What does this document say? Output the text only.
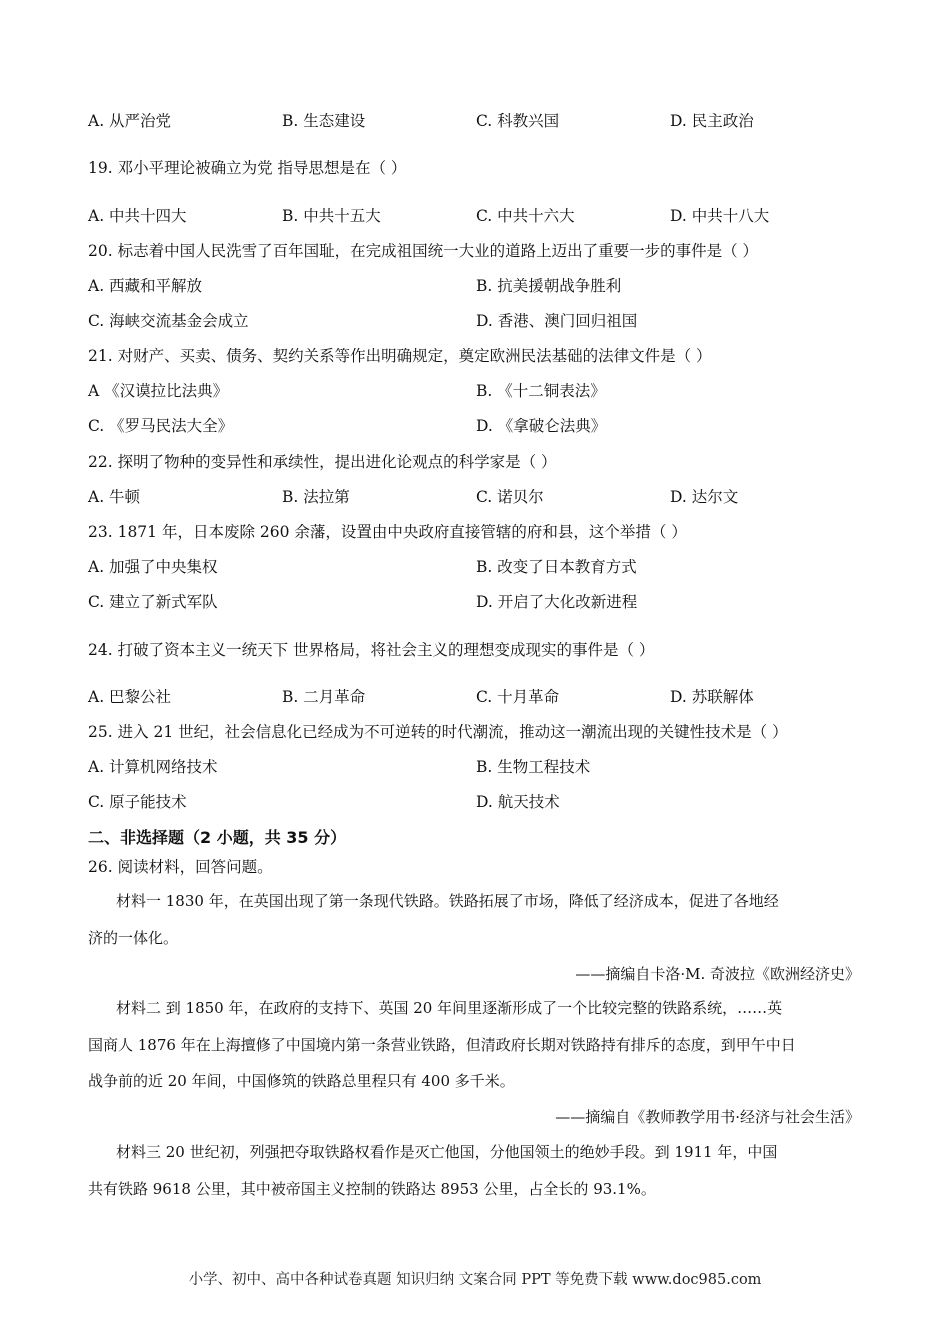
A. 从严治党	B. 生态建设	C. 科教兴国	D. 民主政治
19. 邓小平理论被确立为党 指导思想是在（ ）
A. 中共十四大	B. 中共十五大	C. 中共十六大	D. 中共十八大
20. 标志着中国人民洗雪了百年国耻，在完成祖国统一大业的道路上迈出了重要一步的事件是（ ）
A. 西藏和平解放	B. 抗美援朝战争胜利
C. 海峡交流基金会成立	D. 香港、澳门回归祖国
21. 对财产、买卖、债务、契约关系等作出明确规定，奠定欧洲民法基础的法律文件是（ ）
A 《汉谟拉比法典》	B. 《十二铜表法》
C. 《罗马民法大全》	D. 《拿破仑法典》
22. 探明了物种的变异性和承续性，提出进化论观点的科学家是（ ）
A. 牛顿	B. 法拉第	C. 诺贝尔	D. 达尔文
23. 1871 年，日本废除 260 余藩，设置由中央政府直接管辖的府和县，这个举措（ ）
A. 加强了中央集权	B. 改变了日本教育方式
C. 建立了新式军队	D. 开启了大化改新进程
24. 打破了资本主义一统天下 世界格局，将社会主义的理想变成现实的事件是（ ）
A. 巴黎公社	B. 二月革命	C. 十月革命	D. 苏联解体
25. 进入 21 世纪，社会信息化已经成为不可逆转的时代潮流，推动这一潮流出现的关键性技术是（ ）
A. 计算机网络技术	B. 生物工程技术
C. 原子能技术	D. 航天技术
二、非选择题（2 小题，共 35 分）
26. 阅读材料，回答问题。
材料一 1830 年，在英国出现了第一条现代铁路。铁路拓展了市场，降低了经济成本，促进了各地经
济的一体化。
——摘编自卡洛·M. 奇波拉《欧洲经济史》
材料二 到 1850 年，在政府的支持下、英国 20 年间里逐渐形成了一个比较完整的铁路系统，……英
国商人 1876 年在上海擅修了中国境内第一条营业铁路，但清政府长期对铁路持有排斥的态度，到甲午中日
战争前的近 20 年间，中国修筑的铁路总里程只有 400 多千米。
——摘编自《教师教学用书·经济与社会生活》
材料三 20 世纪初，列强把夺取铁路权看作是灭亡他国，分他国领土的绝妙手段。到 1911 年，中国
共有铁路 9618 公里，其中被帝国主义控制的铁路达 8953 公里，占全长的 93.1%。
小学、初中、高中各种试卷真题 知识归纳 文案合同 PPT 等免费下载 www.doc985.com
